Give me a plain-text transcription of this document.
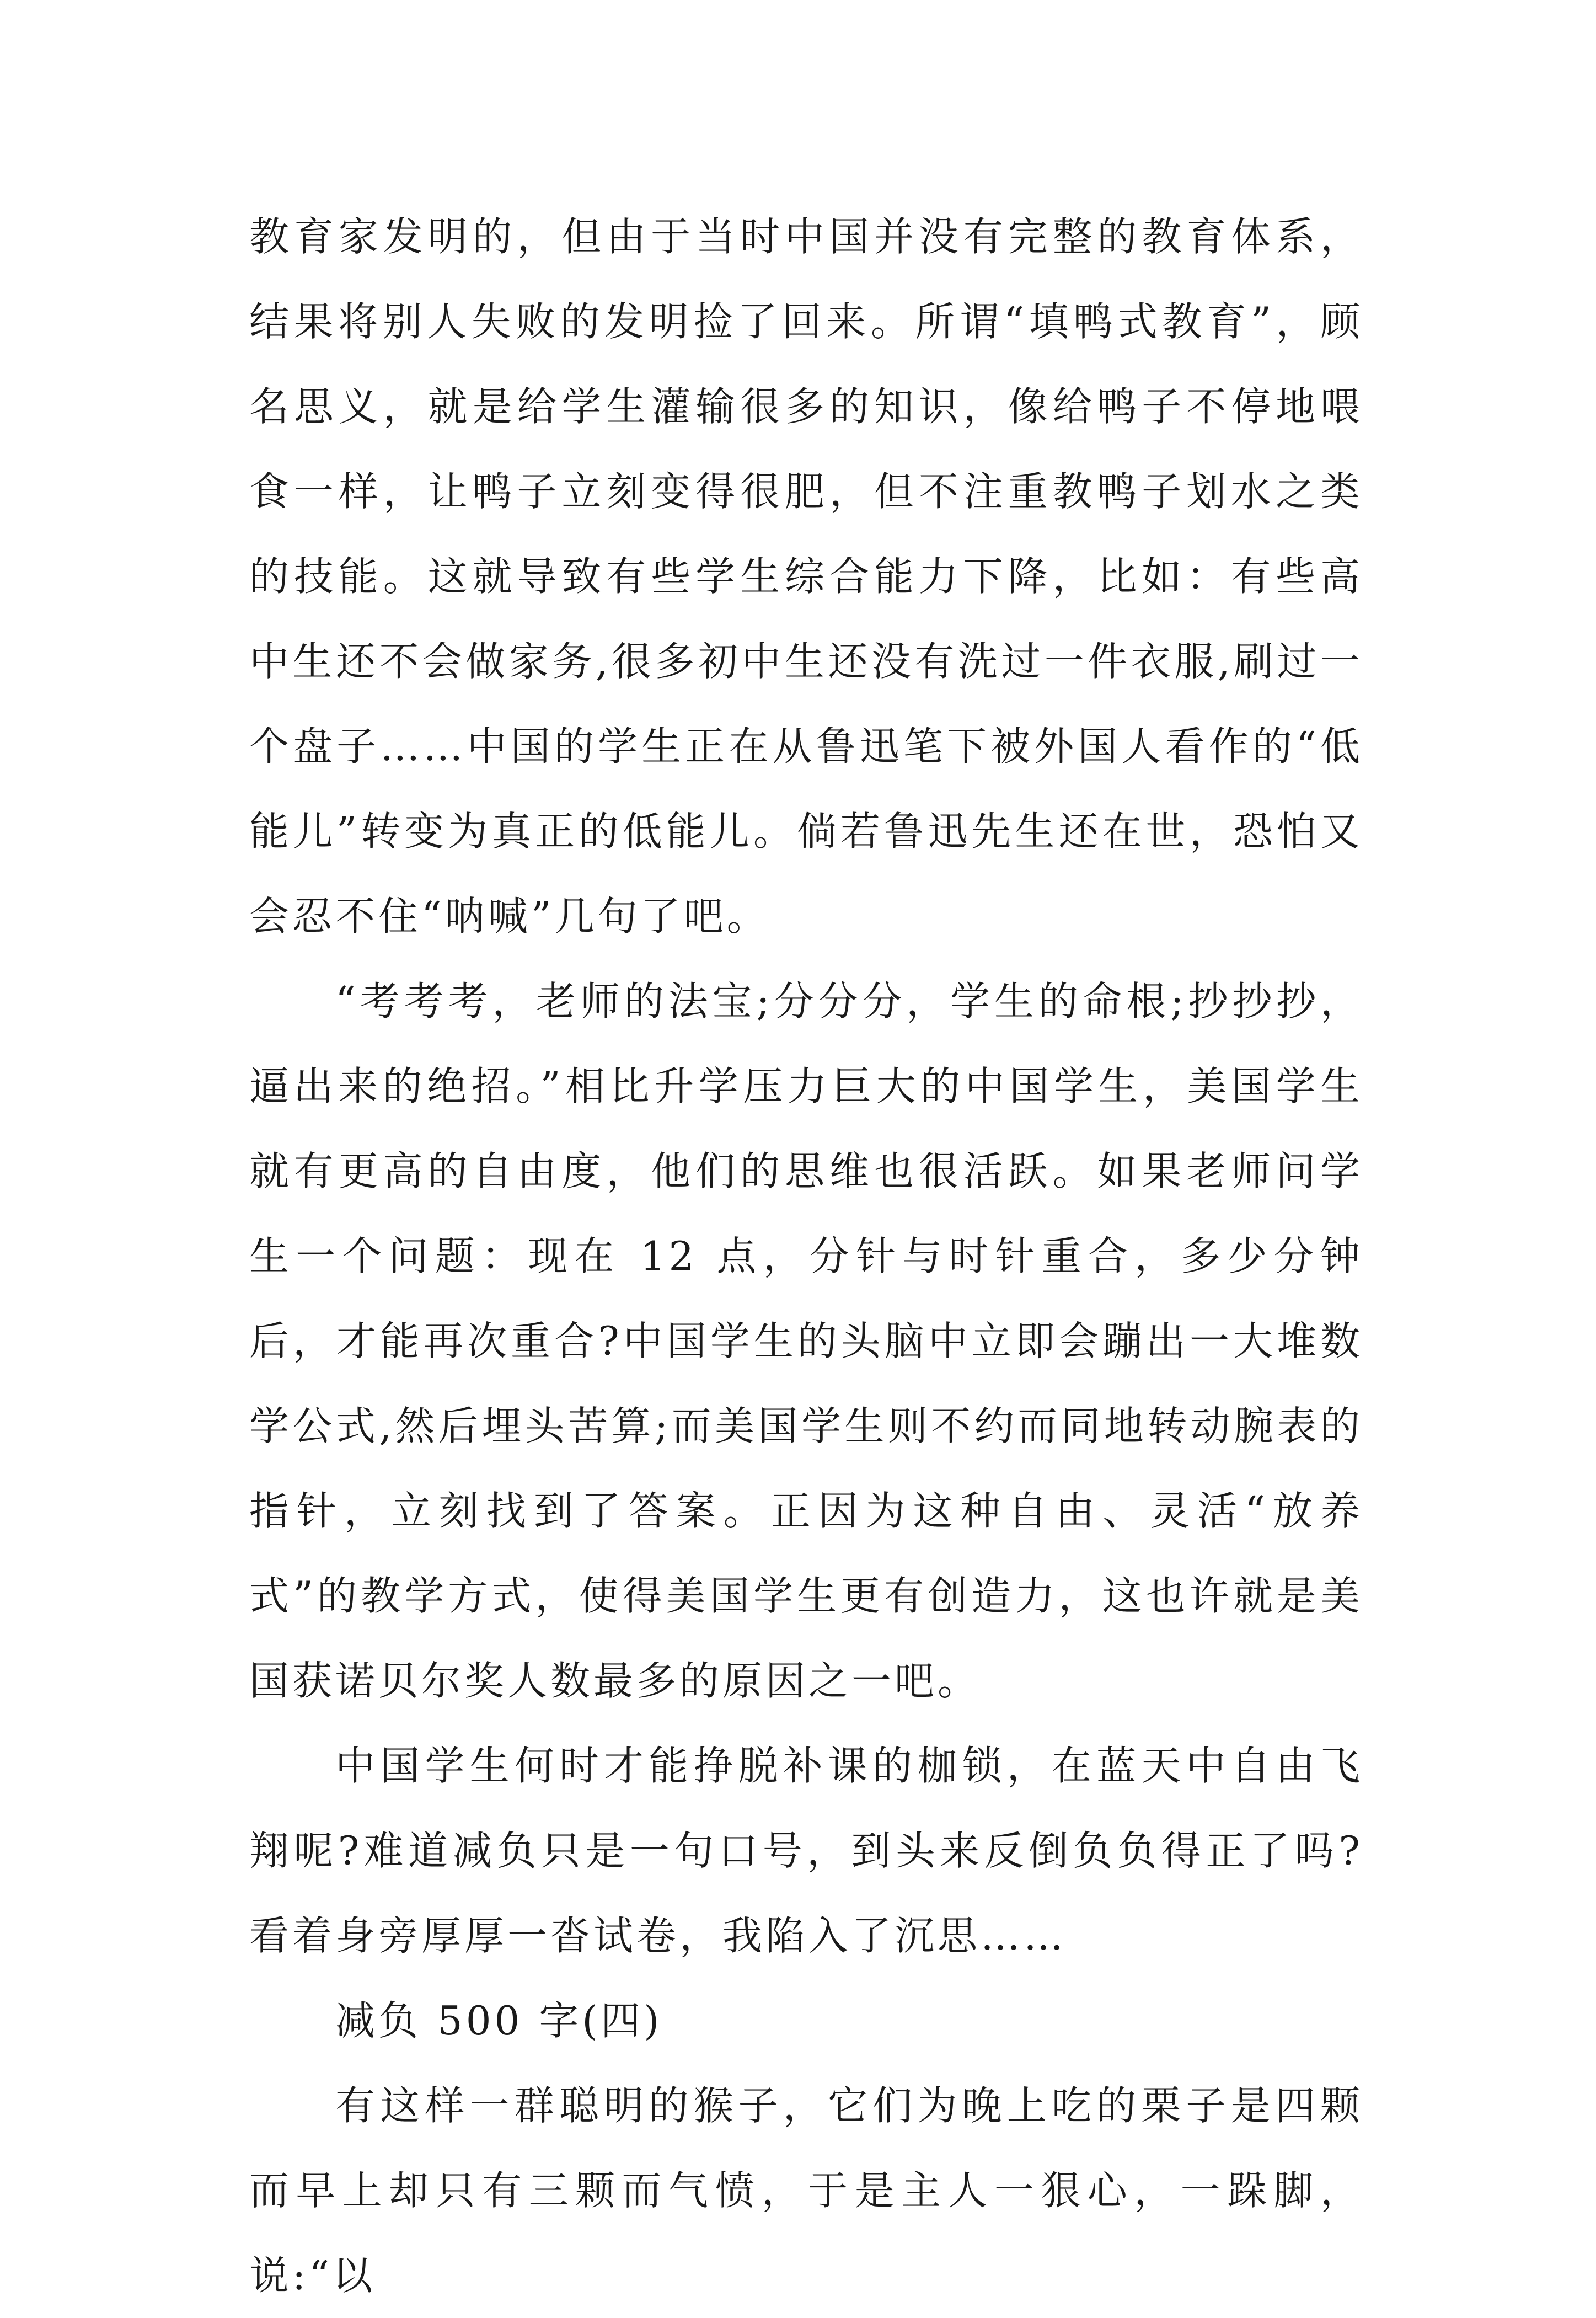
教育家发明的，但由于当时中国并没有完整的教育体系，结果将别人失败的发明捡了回来。所谓“填鸭式教育”，顾名思义，就是给学生灌输很多的知识，像给鸭子不停地喂食一样，让鸭子立刻变得很肥，但不注重教鸭子划水之类的技能。这就导致有些学生综合能力下降，比如：有些高中生还不会做家务,很多初中生还没有洗过一件衣服,刷过一个盘子……中国的学生正在从鲁迅笔下被外国人看作的“低能儿”转变为真正的低能儿。倘若鲁迅先生还在世，恐怕又会忍不住“呐喊”几句了吧。

“考考考，老师的法宝;分分分，学生的命根;抄抄抄，逼出来的绝招。”相比升学压力巨大的中国学生，美国学生就有更高的自由度，他们的思维也很活跃。如果老师问学生一个问题：现在 12 点，分针与时针重合，多少分钟后，才能再次重合?中国学生的头脑中立即会蹦出一大堆数学公式,然后埋头苦算;而美国学生则不约而同地转动腕表的指针，立刻找到了答案。正因为这种自由、灵活“放养式”的教学方式，使得美国学生更有创造力，这也许就是美国获诺贝尔奖人数最多的原因之一吧。

中国学生何时才能挣脱补课的枷锁，在蓝天中自由飞翔呢?难道减负只是一句口号，到头来反倒负负得正了吗?看着身旁厚厚一沓试卷，我陷入了沉思……

减负 500 字(四)

有这样一群聪明的猴子，它们为晚上吃的栗子是四颗而早上却只有三颗而气愤，于是主人一狠心，一跺脚，说:“以
